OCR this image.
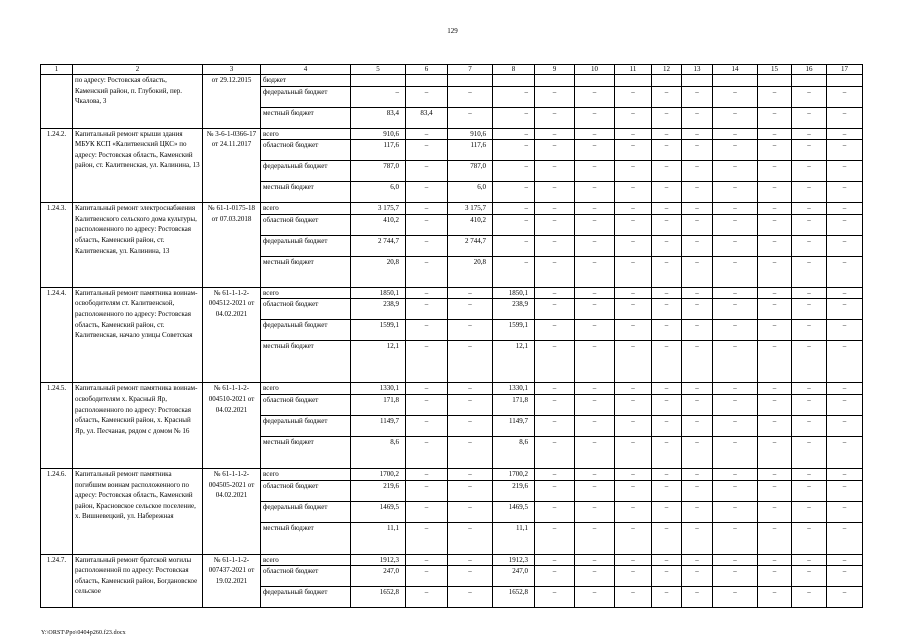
129
1	2	3	4	5	6	7	8	9	10	11	12	13	14	15	16	17
	по адресу: Ростовская область, Каменский район, п. Глубокий, пер. Чкалова, 3	от 29.12.2015	бюджет													
			федеральный бюджет	–	–	–	–	–	–	–	–	–	–	–	–	–
			местный бюджет	83,4	83,4	–	–	–	–	–	–	–	–	–	–	–
1.24.2.	Капитальный ремонт крыши здания МБУК КСП «Калитвенский ЦКС» по адресу: Ростовская область, Каменский район, ст. Калитвенская, ул. Калинина, 13	№ 3-6-1-0366-17 от 24.11.2017	всего	910,6	–	910,6	–	–	–	–	–	–	–	–	–	–
			областной бюджет	117,6	–	117,6	–	–	–	–	–	–	–	–	–	–
			федеральный бюджет	787,0	–	787,0	–	–	–	–	–	–	–	–	–	–
			местный бюджет	6,0	–	6,0	–	–	–	–	–	–	–	–	–	–
1.24.3.	Капитальный ремонт электроснабжения Калитвенского сельского дома культуры, расположенного по адресу: Ростовская область, Каменский район, ст. Калитвенская, ул. Калинина, 13	№ 61-1-0175-18 от 07.03.2018	всего	3 175,7	–	3 175,7	–	–	–	–	–	–	–	–	–	–
			областной бюджет	410,2	–	410,2	–	–	–	–	–	–	–	–	–	–
			федеральный бюджет	2 744,7	–	2 744,7	–	–	–	–	–	–	–	–	–	–
			местный бюджет	20,8	–	20,8	–	–	–	–	–	–	–	–	–	–
1.24.4.	Капитальный ремонт памятника воинам-освободителям ст. Калитвенской, расположенного по адресу: Ростовская область, Каменский район, ст. Калитвенская, начало улицы Советская	№ 61-1-1-2-004512-2021 от 04.02.2021	всего	1850,1	–	–	1850,1	–	–	–	–	–	–	–	–	–
			областной бюджет	238,9	–	–	238,9	–	–	–	–	–	–	–	–	–
			федеральный бюджет	1599,1	–	–	1599,1	–	–	–	–	–	–	–	–	–
			местный бюджет	12,1	–	–	12,1	–	–	–	–	–	–	–	–	–
1.24.5.	Капитальный ремонт памятника воинам-освободителям х. Красный Яр, расположенного по адресу: Ростовская область, Каменский район, х. Красный Яр, ул. Песчаная, рядом с домом № 16	№ 61-1-1-2-004510-2021 от 04.02.2021	всего	1330,1	–	–	1330,1	–	–	–	–	–	–	–	–	–
			областной бюджет	171,8	–	–	171,8	–	–	–	–	–	–	–	–	–
			федеральный бюджет	1149,7	–	–	1149,7	–	–	–	–	–	–	–	–	–
			местный бюджет	8,6	–	–	8,6	–	–	–	–	–	–	–	–	–
1.24.6.	Капитальный ремонт памятника погибшим воинам расположенного по адресу: Ростовская область, Каменский район, Красновское сельское поселение, х. Вишневецкий, ул. Набережная	№ 61-1-1-2-004505-2021 от 04.02.2021	всего	1700,2	–	–	1700,2	–	–	–	–	–	–	–	–	–
			областной бюджет	219,6	–	–	219,6	–	–	–	–	–	–	–	–	–
			федеральный бюджет	1469,5	–	–	1469,5	–	–	–	–	–	–	–	–	–
			местный бюджет	11,1	–	–	11,1	–	–	–	–	–	–	–	–	–
1.24.7.	Капитальный ремонт братской могилы расположенной по адресу: Ростовская область, Каменский район, Богдановское сельское	№ 61-1-1-2-007437-2021 от 19.02.2021	всего	1912,3	–	–	1912,3	–	–	–	–	–	–	–	–	–
			областной бюджет	247,0	–	–	247,0	–	–	–	–	–	–	–	–	–
			федеральный бюджет	1652,8	–	–	1652,8	–	–	–	–	–	–	–	–	–
Y:\ORST\Ppo\0404p260.f23.docx
